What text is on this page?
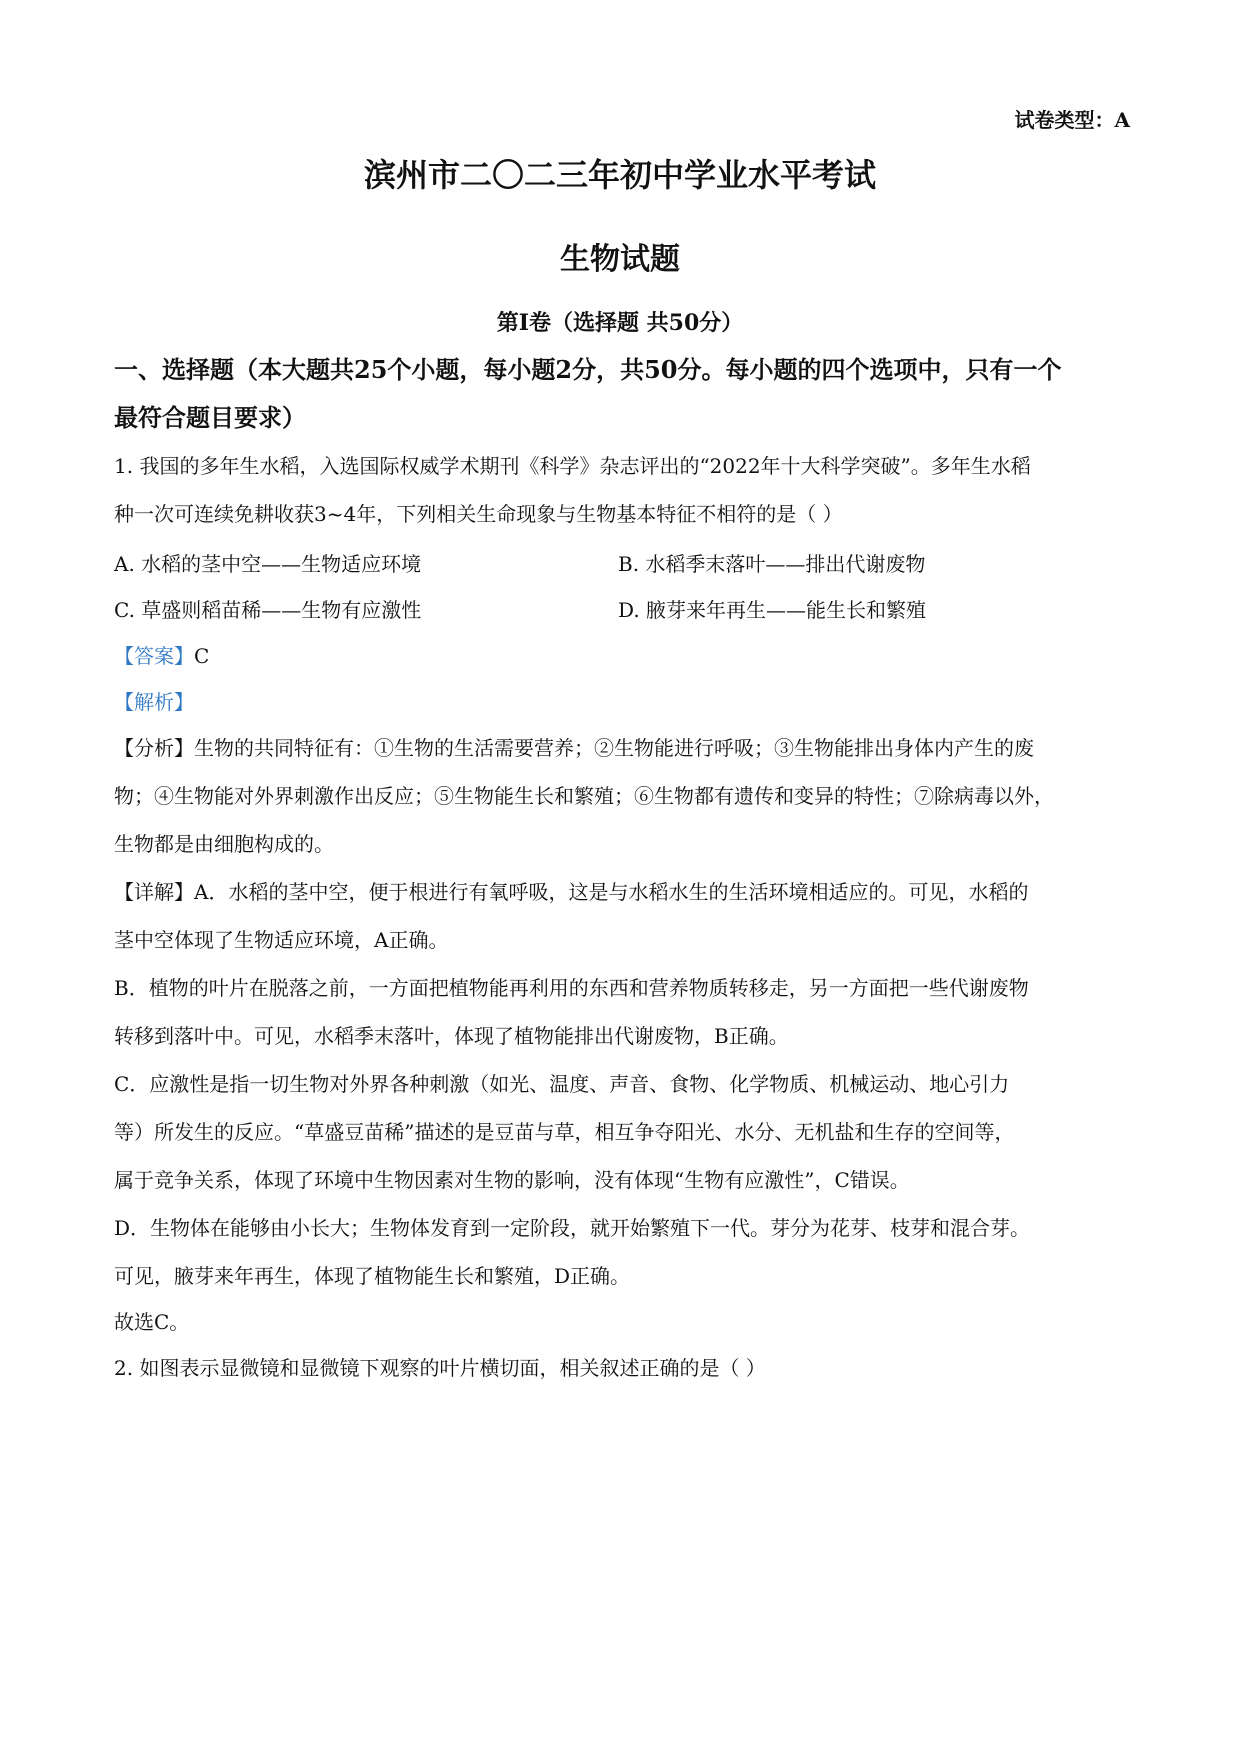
试卷类型：A
滨州市二〇二三年初中学业水平考试
生物试题
第Ⅰ卷（选择题 共50分）
一、选择题（本大题共25个小题，每小题2分，共50分。每小题的四个选项中，只有一个
最符合题目要求）
1. 我国的多年生水稻，入选国际权威学术期刊《科学》杂志评出的“2022年十大科学突破”。多年生水稻
种一次可连续免耕收获3~4年，下列相关生命现象与生物基本特征不相符的是（ ）
A. 水稻的茎中空——生物适应环境	B. 水稻季末落叶——排出代谢废物
C. 草盛则稻苗稀——生物有应激性	D. 腋芽来年再生——能生长和繁殖
【答案】C
【解析】
【分析】生物的共同特征有：①生物的生活需要营养；②生物能进行呼吸；③生物能排出身体内产生的废
物；④生物能对外界刺激作出反应；⑤生物能生长和繁殖；⑥生物都有遗传和变异的特性；⑦除病毒以外，
生物都是由细胞构成的。
【详解】A．水稻的茎中空，便于根进行有氧呼吸，这是与水稻水生的生活环境相适应的。可见，水稻的
茎中空体现了生物适应环境，A正确。
B．植物的叶片在脱落之前，一方面把植物能再利用的东西和营养物质转移走，另一方面把一些代谢废物
转移到落叶中。可见，水稻季末落叶，体现了植物能排出代谢废物，B正确。
C．应激性是指一切生物对外界各种刺激（如光、温度、声音、食物、化学物质、机械运动、地心引力
等）所发生的反应。“草盛豆苗稀”描述的是豆苗与草，相互争夺阳光、水分、无机盐和生存的空间等，
属于竞争关系，体现了环境中生物因素对生物的影响，没有体现“生物有应激性”，C错误。
D．生物体在能够由小长大；生物体发育到一定阶段，就开始繁殖下一代。芽分为花芽、枝芽和混合芽。
可见，腋芽来年再生，体现了植物能生长和繁殖，D正确。
故选C。
2. 如图表示显微镜和显微镜下观察的叶片横切面，相关叙述正确的是（ ）
